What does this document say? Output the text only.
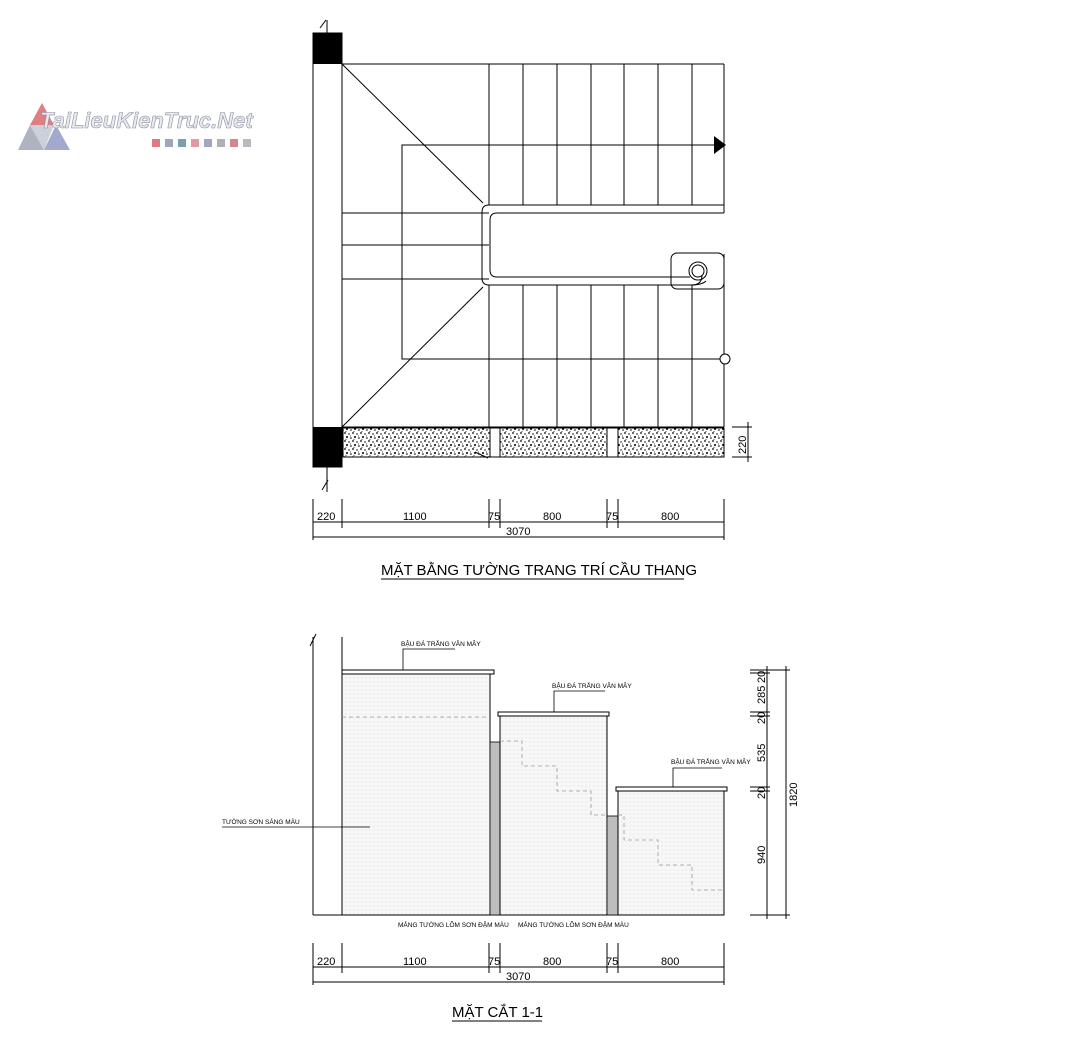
TaiLieuKienTruc.Net
220
220	1100	75	800	75	800
3070
MẶT BẰNG TƯỜNG TRANG TRÍ CẦU THANG
BẬU ĐÁ TRẮNG VÂN MÂY
BẬU ĐÁ TRẮNG VÂN MÂY
BẬU ĐÁ TRẮNG VÂN MÂY
TƯỜNG SƠN SÁNG MÀU
MẢNG TƯỜNG LÕM SƠN ĐẬM MÀU MẢNG TƯỜNG LÕM SƠN ĐẬM MÀU
20
285
20
535
20
940
1820
220	1100	75	800	75	800
3070
MẶT CẮT 1-1
